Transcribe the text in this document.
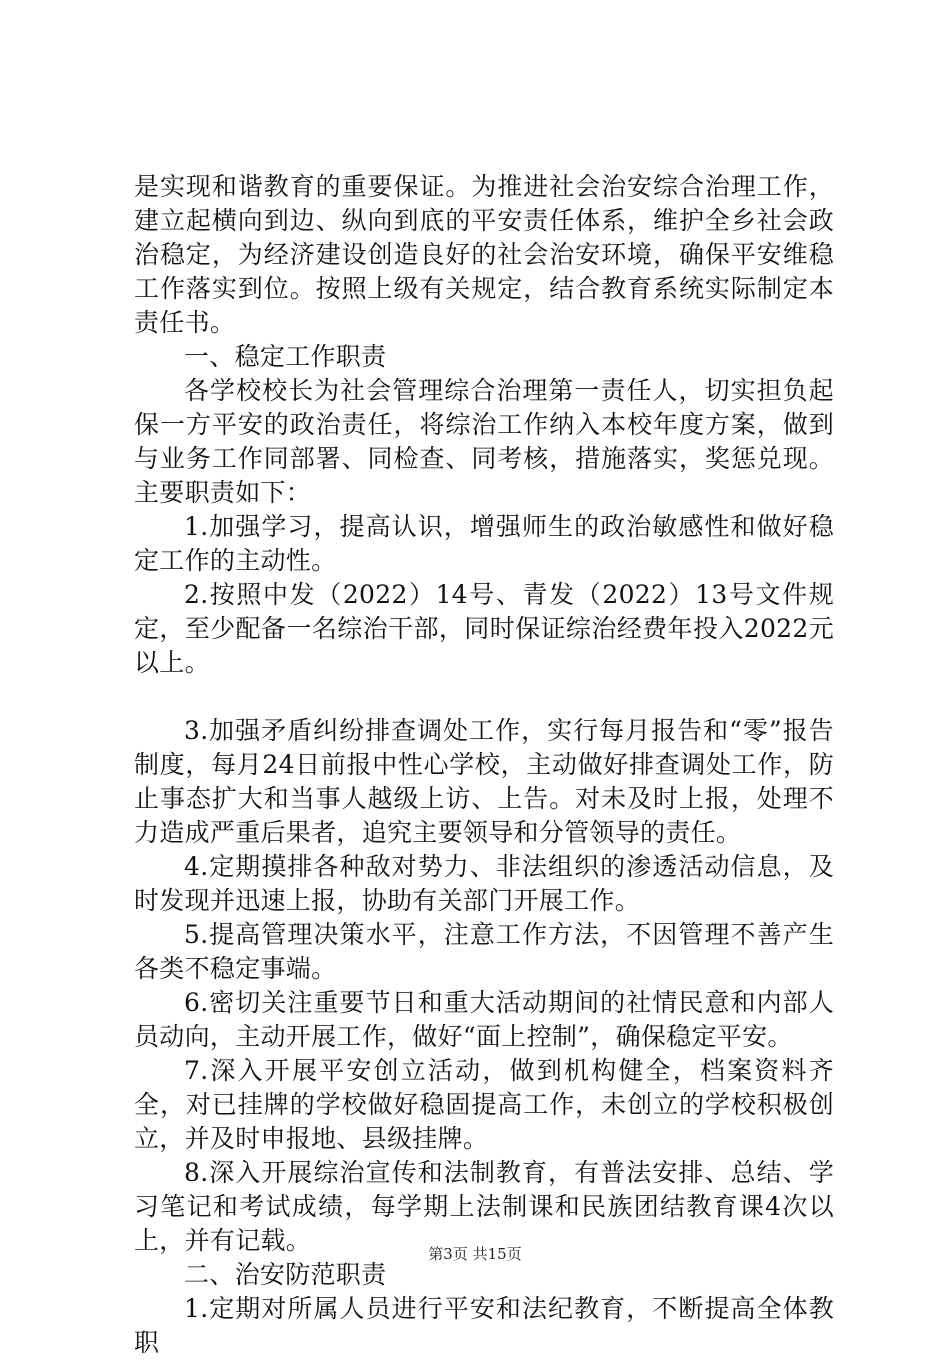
是实现和谐教育的重要保证。为推进社会治安综合治理工作，建立起横向到边、纵向到底的平安责任体系，维护全乡社会政治稳定，为经济建设创造良好的社会治安环境，确保平安维稳工作落实到位。按照上级有关规定，结合教育系统实际制定本责任书。

一、稳定工作职责

各学校校长为社会管理综合治理第一责任人，切实担负起保一方平安的政治责任，将综治工作纳入本校年度方案，做到与业务工作同部署、同检查、同考核，措施落实，奖惩兑现。主要职责如下：

1.加强学习，提高认识，增强师生的政治敏感性和做好稳定工作的主动性。

2.按照中发（2022）14号、青发（2022）13号文件规定，至少配备一名综治干部，同时保证综治经费年投入2022元以上。

3.加强矛盾纠纷排查调处工作，实行每月报告和“零”报告制度，每月24日前报中性心学校，主动做好排查调处工作，防止事态扩大和当事人越级上访、上告。对未及时上报，处理不力造成严重后果者，追究主要领导和分管领导的责任。

4.定期摸排各种敌对势力、非法组织的渗透活动信息，及时发现并迅速上报，协助有关部门开展工作。

5.提高管理决策水平，注意工作方法，不因管理不善产生各类不稳定事端。

6.密切关注重要节日和重大活动期间的社情民意和内部人员动向，主动开展工作，做好“面上控制”，确保稳定平安。

7.深入开展平安创立活动，做到机构健全，档案资料齐全，对已挂牌的学校做好稳固提高工作，未创立的学校积极创立，并及时申报地、县级挂牌。

8.深入开展综治宣传和法制教育，有普法安排、总结、学习笔记和考试成绩，每学期上法制课和民族团结教育课4次以上，并有记载。

二、治安防范职责

1.定期对所属人员进行平安和法纪教育，不断提高全体教职

第3页 共15页
